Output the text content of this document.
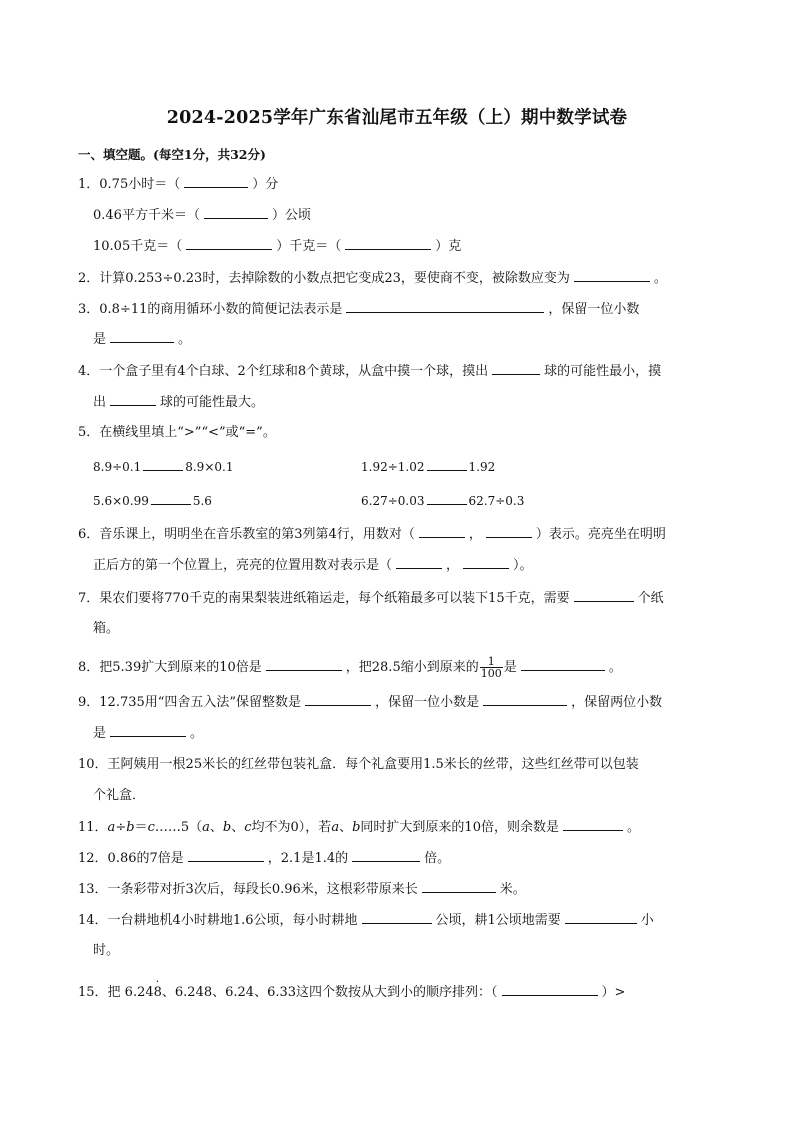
2024-2025学年广东省汕尾市五年级（上）期中数学试卷
一、填空题。(每空1分，共32分)
1．0.75小时＝（	）分
0.46平方千米＝（	）公顷
10.05千克＝（	）千克＝（	）克
2．计算0.253÷0.23时，去掉除数的小数点把它变成23，要使商不变，被除数应变为	。
3．0.8÷11的商用循环小数的简便记法表示是	，保留一位小数
是	。
4．一个盒子里有4个白球、2个红球和8个黄球，从盒中摸一个球，摸出	球的可能性最小，摸
出	球的可能性最大。
5．在横线里填上“>”“<”或“=”。
8.9÷0.1	8.9×0.1	1.92÷1.02	1.92
5.6×0.99	5.6	6.27÷0.03	62.7÷0.3
6．音乐课上，明明坐在音乐教室的第3列第4行，用数对（	，	）表示。亮亮坐在明明
正后方的第一个位置上，亮亮的位置用数对表示是（	，	）。
7．果农们要将770千克的南果梨装进纸箱运走，每个纸箱最多可以装下15千克，需要	个纸
箱。
8．把5.39扩大到原来的10倍是	，把28.5缩小到原来的 $\frac{1}{100}$ 是	。
9．12.735用“四舍五入法”保留整数是	，保留一位小数是	，保留两位小数
是	。
10．王阿姨用一根25米长的红丝带包装礼盒．每个礼盒要用1.5米长的丝带，这些红丝带可以包装
个礼盒．
11．a÷b＝c……5（a、b、c均不为0），若a、b同时扩大到原来的10倍，则余数是	。
12．0.86的7倍是	，2.1是1.4的	倍。
13．一条彩带对折3次后，每段长0.96米，这根彩带原来长	米。
14．一台耕地机4小时耕地1.6公顷，每小时耕地	公顷，耕1公顷地需要	小
时。
15．把 6.24· 8、6.248、6.24、6.33这四个数按从大到小的顺序排列：（	）>
